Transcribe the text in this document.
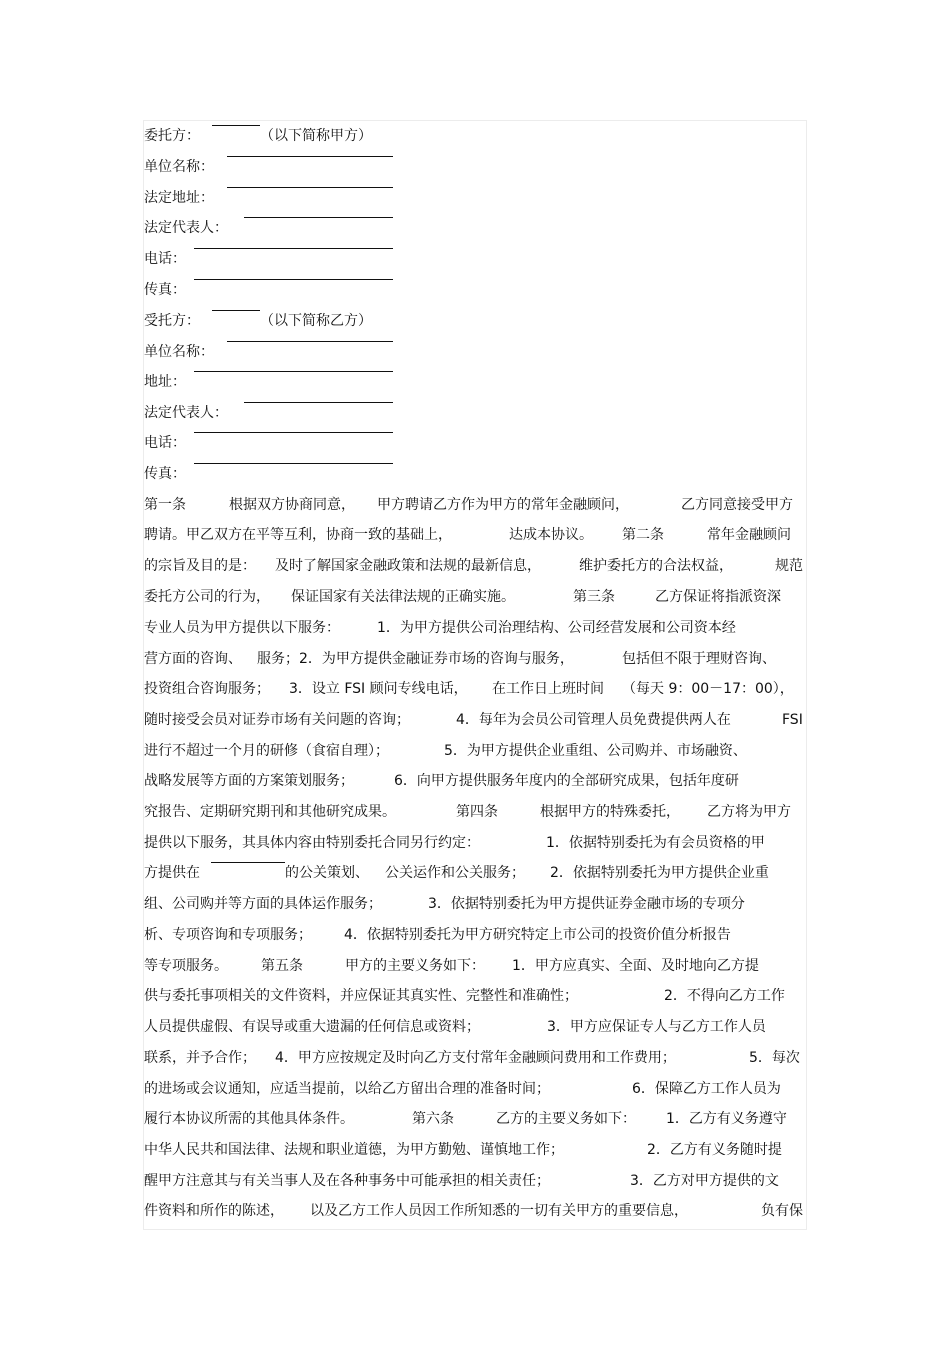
委托方：	（以下简称甲方）
单位名称：
法定地址：
法定代表人：
电话：
传真：
受托方：	（以下简称乙方）
单位名称：
地址：
法定代表人：
电话：
传真：
第一条	根据双方协商同意， 甲方聘请乙方作为甲方的常年金融顾问，	乙方同意接受甲方
聘请。甲乙双方在平等互利，协商一致的基础上，	达成本协议。 第二条	常年金融顾问
的宗旨及目的是： 及时了解国家金融政策和法规的最新信息，	维护委托方的合法权益，	规范
委托方公司的行为， 保证国家有关法律法规的正确实施。	第三条	乙方保证将指派资深
专业人员为甲方提供以下服务：	1．为甲方提供公司治理结构、公司经营发展和公司资本经
营方面的咨询、 服务；2．为甲方提供金融证券市场的咨询与服务，	包括但不限于理财咨询、
投资组合咨询服务； 3．设立 FSI 顾问专线电话， 在工作日上班时间 （每天 9：00－17：00），
随时接受会员对证券市场有关问题的咨询；	4．每年为会员公司管理人员免费提供两人在	FSI
进行不超过一个月的研修（食宿自理）；	5．为甲方提供企业重组、公司购并、市场融资、
战略发展等方面的方案策划服务；	6．向甲方提供服务年度内的全部研究成果，包括年度研
究报告、定期研究期刊和其他研究成果。	第四条	根据甲方的特殊委托， 乙方将为甲方
提供以下服务，其具体内容由特别委托合同另行约定：	1．依据特别委托为有会员资格的甲
方提供在	的公关策划、 公关运作和公关服务； 2．依据特别委托为甲方提供企业重
组、公司购并等方面的具体运作服务；	3．依据特别委托为甲方提供证券金融市场的专项分
析、专项咨询和专项服务； 4．依据特别委托为甲方研究特定上市公司的投资价值分析报告
等专项服务。 第五条	甲方的主要义务如下： 1．甲方应真实、全面、及时地向乙方提
供与委托事项相关的文件资料，并应保证其真实性、完整性和准确性；	2．不得向乙方工作
人员提供虚假、有误导或重大遗漏的任何信息或资料；	3．甲方应保证专人与乙方工作人员
联系，并予合作； 4．甲方应按规定及时向乙方支付常年金融顾问费用和工作费用；	5．每次
的进场或会议通知，应适当提前，以给乙方留出合理的准备时间；	6．保障乙方工作人员为
履行本协议所需的其他具体条件。	第六条	乙方的主要义务如下： 1．乙方有义务遵守
中华人民共和国法律、法规和职业道德，为甲方勤勉、谨慎地工作；	2．乙方有义务随时提
醒甲方注意其与有关当事人及在各种事务中可能承担的相关责任；	3．乙方对甲方提供的文
件资料和所作的陈述， 以及乙方工作人员因工作所知悉的一切有关甲方的重要信息，	负有保
